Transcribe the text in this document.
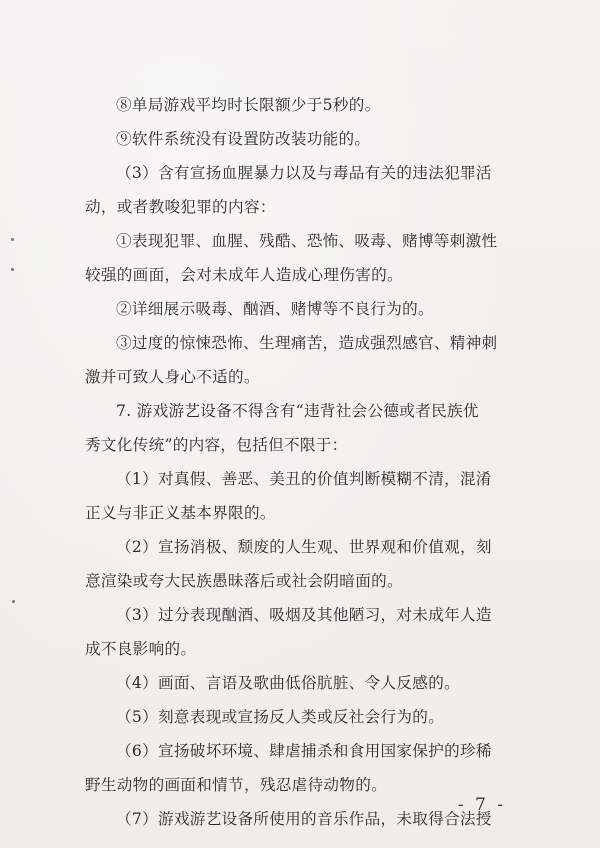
⑧单局游戏平均时长限额少于5秒的。
⑨软件系统没有设置防改装功能的。
（3）含有宣扬血腥暴力以及与毒品有关的违法犯罪活
动，或者教唆犯罪的内容：
①表现犯罪、血腥、残酷、恐怖、吸毒、赌博等刺激性
较强的画面，会对未成年人造成心理伤害的。
②详细展示吸毒、酗酒、赌博等不良行为的。
③过度的惊悚恐怖、生理痛苦，造成强烈感官、精神刺
激并可致人身心不适的。
7. 游戏游艺设备不得含有“违背社会公德或者民族优
秀文化传统”的内容，包括但不限于：
（1）对真假、善恶、美丑的价值判断模糊不清，混淆
正义与非正义基本界限的。
（2）宣扬消极、颓废的人生观、世界观和价值观，刻
意渲染或夸大民族愚昧落后或社会阴暗面的。
（3）过分表现酗酒、吸烟及其他陋习，对未成年人造
成不良影响的。
（4）画面、言语及歌曲低俗肮脏、令人反感的。
（5）刻意表现或宣扬反人类或反社会行为的。
（6）宣扬破坏环境、肆虐捕杀和食用国家保护的珍稀
野生动物的画面和情节，残忍虐待动物的。
（7）游戏游艺设备所使用的音乐作品，未取得合法授
- 7 -
